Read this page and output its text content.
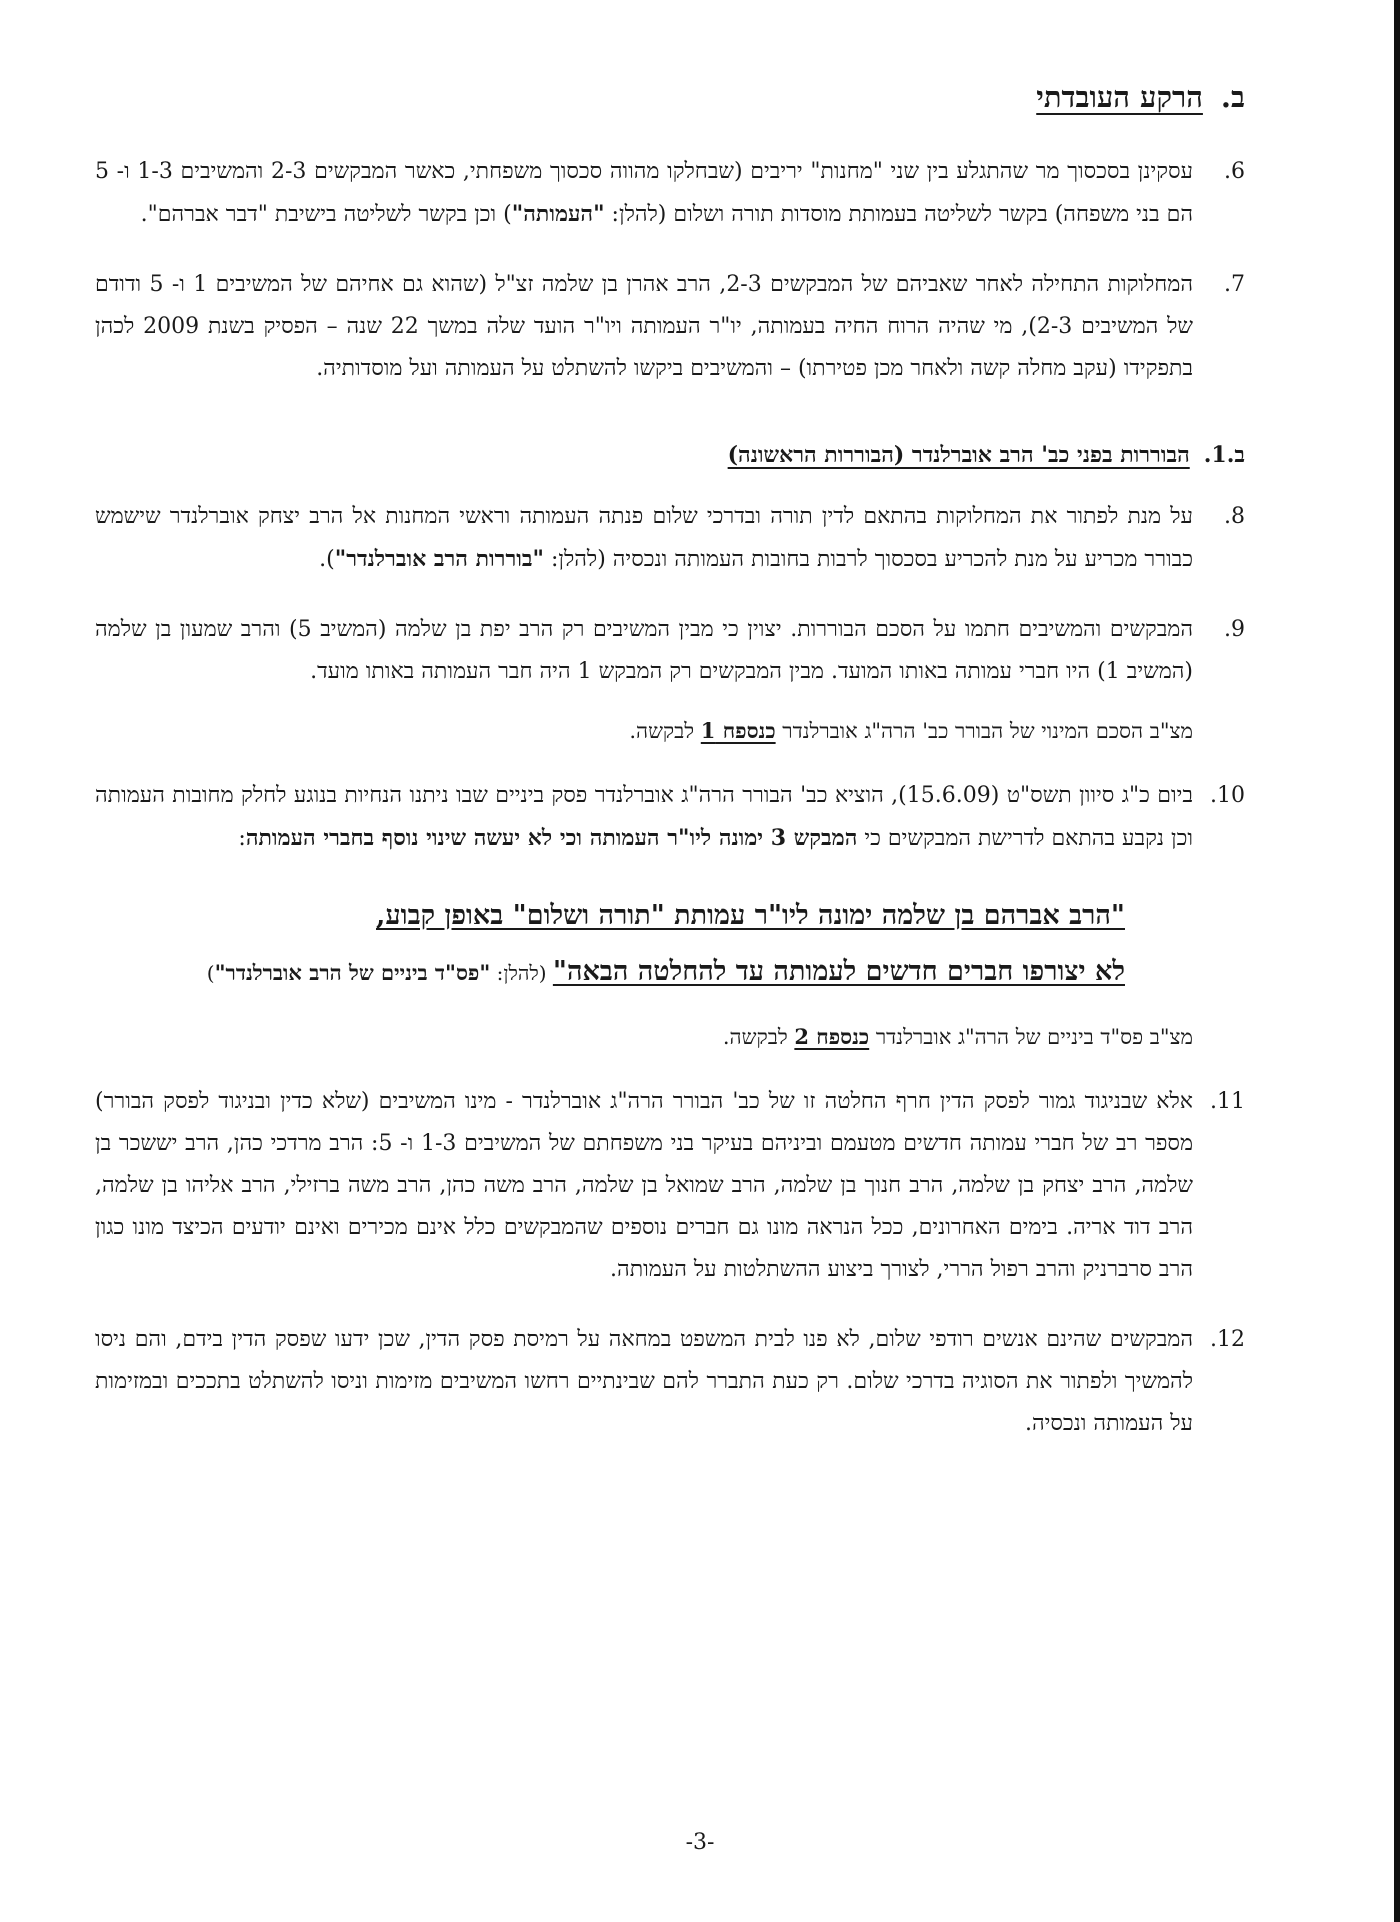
ב.
הרקע העובדתי
6.
עסקינן בסכסוך מר שהתגלע בין שני "מחנות" יריבים (שבחלקו מהווה סכסוך משפחתי, כאשר המבקשים 2-3 והמשיבים 1-3 ו- 5 הם בני משפחה) בקשר לשליטה בעמותת מוסדות תורה ושלום (להלן: "העמותה") וכן בקשר לשליטה בישיבת "דבר אברהם".
7.
המחלוקות התחילה לאחר שאביהם של המבקשים 2-3, הרב אהרן בן שלמה זצ"ל (שהוא גם אחיהם של המשיבים 1 ו- 5 ודודם של המשיבים 2-3), מי שהיה הרוח החיה בעמותה, יו"ר העמותה ויו"ר הועד שלה במשך 22 שנה – הפסיק בשנת 2009 לכהן בתפקידו (עקב מחלה קשה ולאחר מכן פטירתו) – והמשיבים ביקשו להשתלט על העמותה ועל מוסדותיה.
ב.1.
הבוררות בפני כב' הרב אוברלנדר (הבוררות הראשונה)
8.
על מנת לפתור את המחלוקות בהתאם לדין תורה ובדרכי שלום פנתה העמותה וראשי המחנות אל הרב יצחק אוברלנדר שישמש כבורר מכריע על מנת להכריע בסכסוך לרבות בחובות העמותה ונכסיה (להלן: "בוררות הרב אוברלנדר").
9.
המבקשים והמשיבים חתמו על הסכם הבוררות. יצוין כי מבין המשיבים רק הרב יפת בן שלמה (המשיב 5) והרב שמעון בן שלמה (המשיב 1) היו חברי עמותה באותו המועד. מבין המבקשים רק המבקש 1 היה חבר העמותה באותו מועד.
מצ"ב הסכם המינוי של הבורר כב' הרה"ג אוברלנדר כנספח 1 לבקשה.
10.
ביום כ"ג סיוון תשס"ט (15.6.09), הוציא כב' הבורר הרה"ג אוברלנדר פסק ביניים שבו ניתנו הנחיות בנוגע לחלק מחובות העמותה וכן נקבע בהתאם לדרישת המבקשים כי המבקש 3 ימונה ליו"ר העמותה וכי לא יעשה שינוי נוסף בחברי העמותה:
"הרב אברהם בן שלמה ימונה ליו"ר עמותת "תורה ושלום" באופן קבוע,
לא יצורפו חברים חדשים לעמותה עד להחלטה הבאה" (להלן: "פס"ד ביניים של הרב אוברלנדר")
מצ"ב פס"ד ביניים של הרה"ג אוברלנדר כנספח 2 לבקשה.
11.
אלא שבניגוד גמור לפסק הדין חרף החלטה זו של כב' הבורר הרה"ג אוברלנדר - מינו המשיבים (שלא כדין ובניגוד לפסק הבורר) מספר רב של חברי עמותה חדשים מטעמם וביניהם בעיקר בני משפחתם של המשיבים 1-3 ו- 5: הרב מרדכי כהן, הרב יששכר בן שלמה, הרב יצחק בן שלמה, הרב חנוך בן שלמה, הרב שמואל בן שלמה, הרב משה כהן, הרב משה ברזילי, הרב אליהו בן שלמה, הרב דוד אריה. בימים האחרונים, ככל הנראה מונו גם חברים נוספים שהמבקשים כלל אינם מכירים ואינם יודעים הכיצד מונו כגון הרב סרברניק והרב רפול הררי, לצורך ביצוע ההשתלטות על העמותה.
12.
המבקשים שהינם אנשים רודפי שלום, לא פנו לבית המשפט במחאה על רמיסת פסק הדין, שכן ידעו שפסק הדין בידם, והם ניסו להמשיך ולפתור את הסוגיה בדרכי שלום. רק כעת התברר להם שבינתיים רחשו המשיבים מזימות וניסו להשתלט בתככים ובמזימות על העמותה ונכסיה.
-3-
